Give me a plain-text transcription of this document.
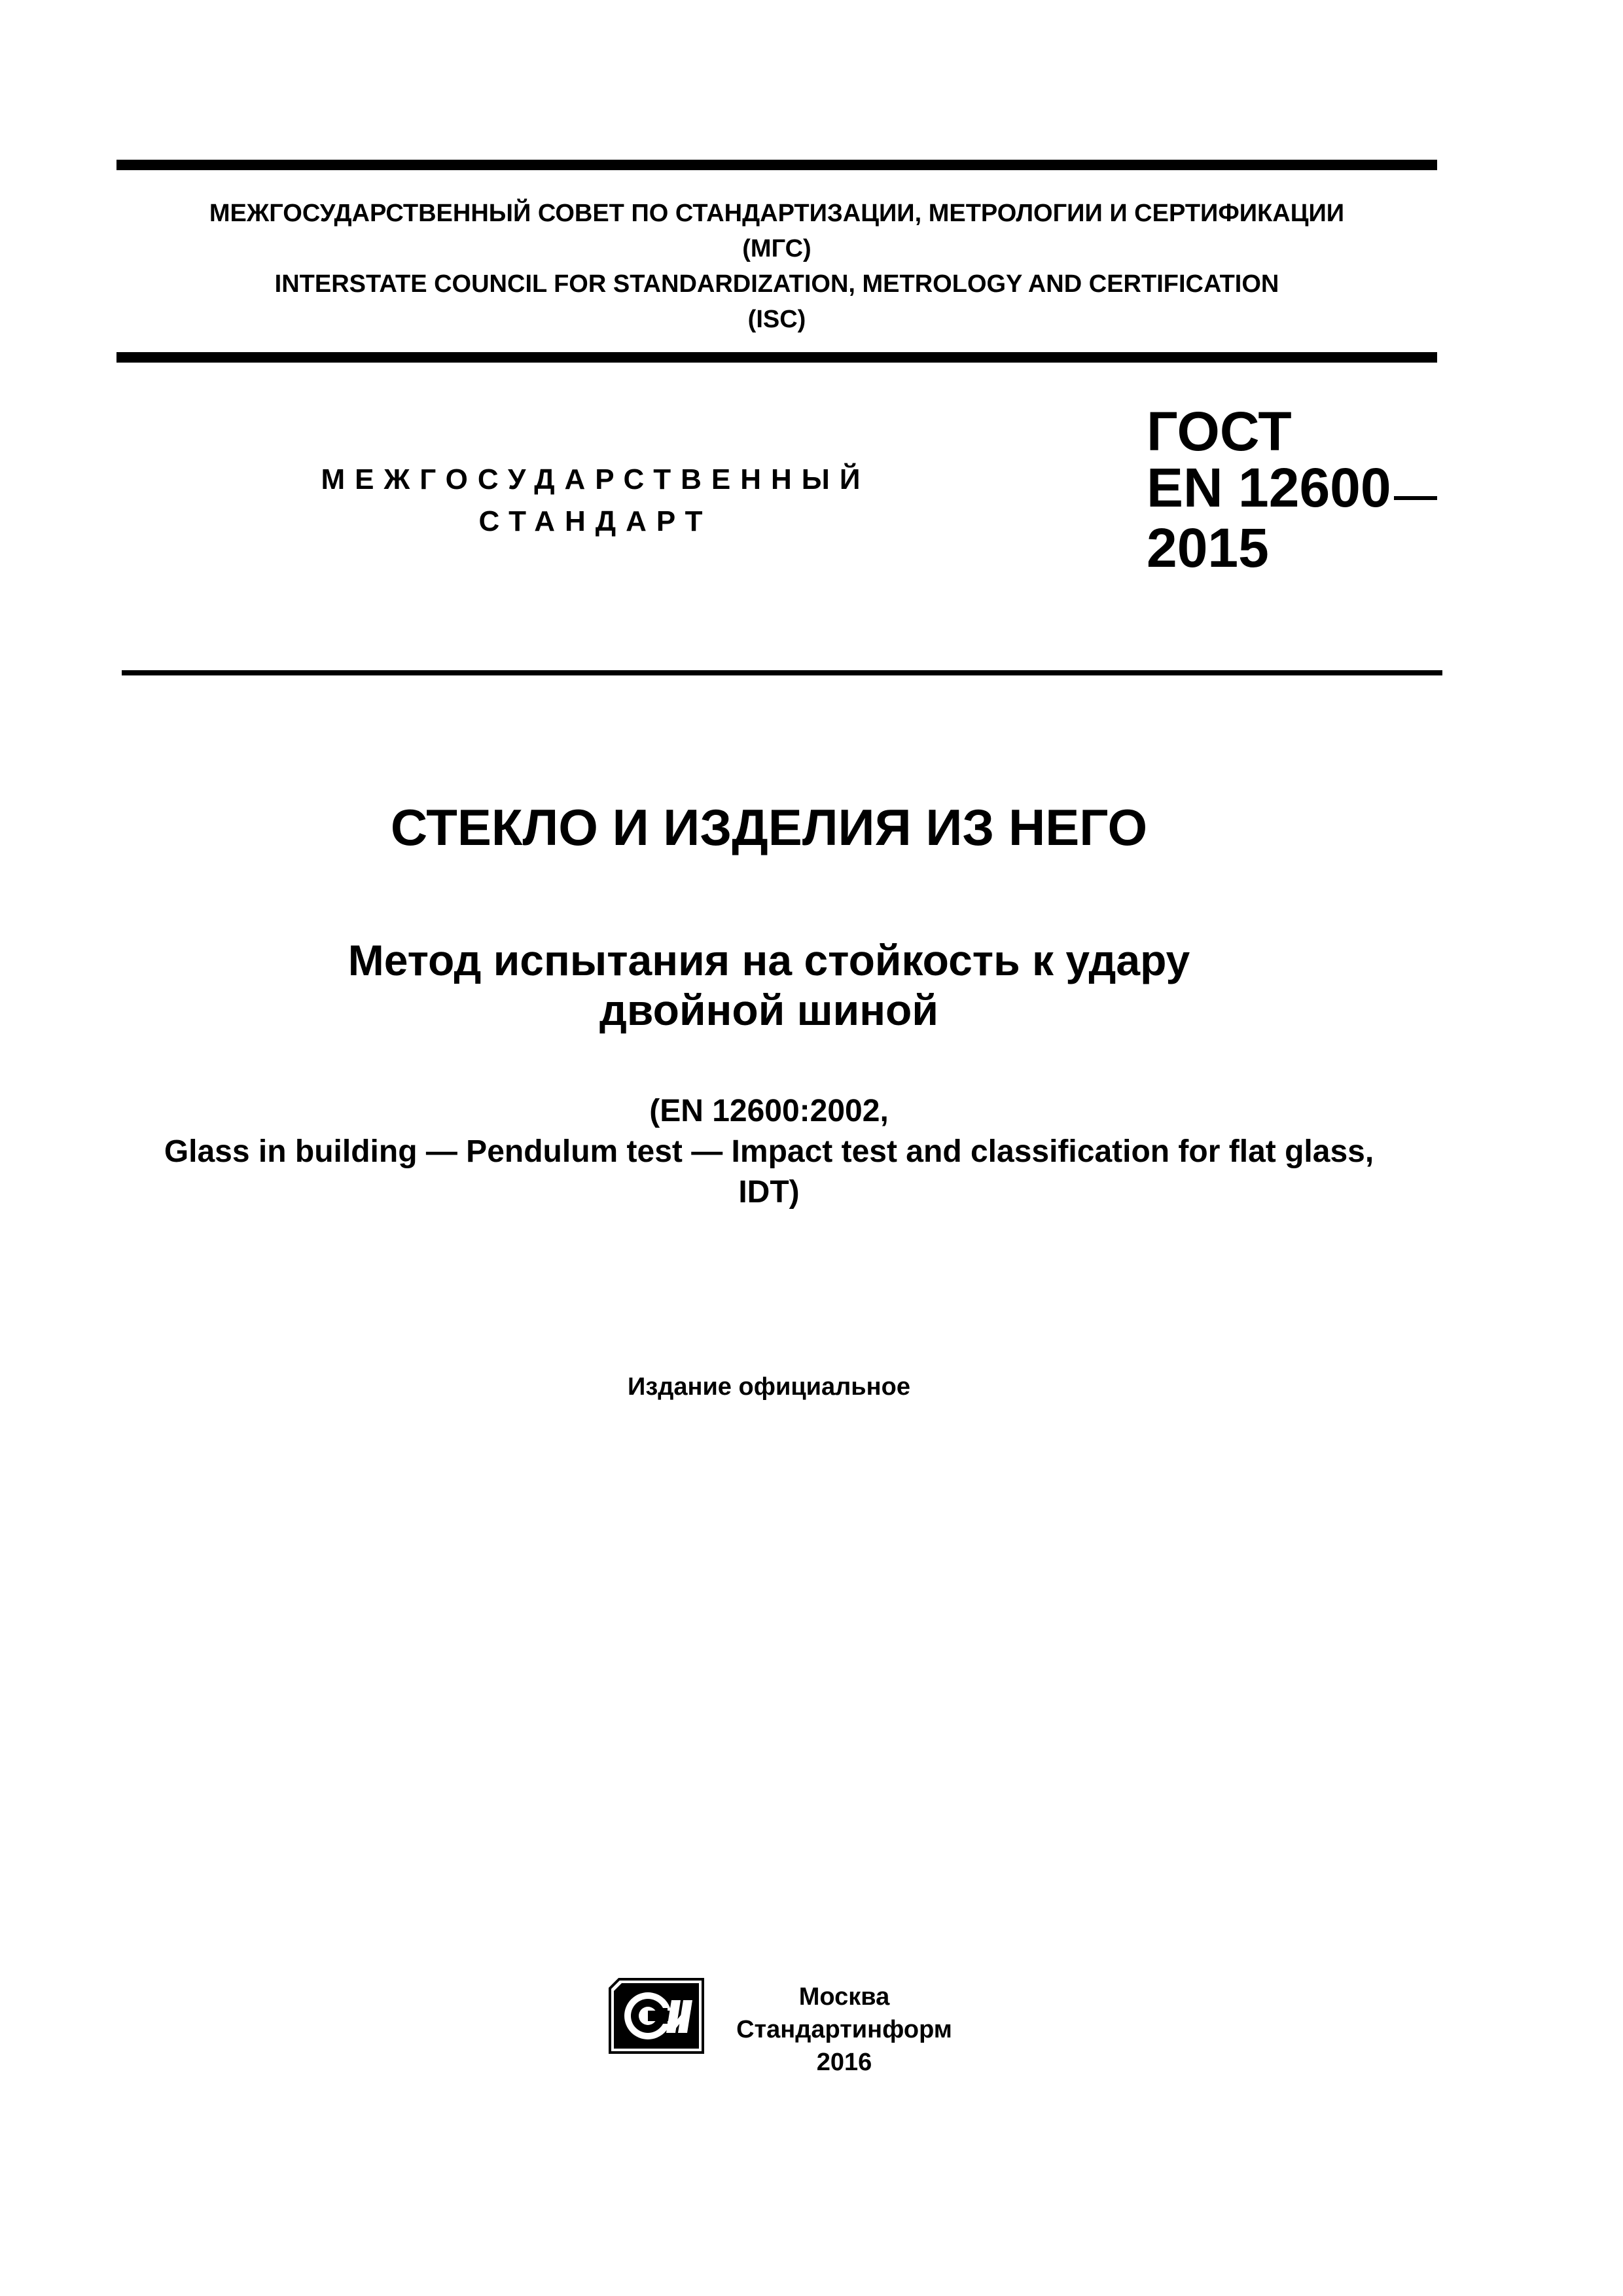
МЕЖГОСУДАРСТВЕННЫЙ СОВЕТ ПО СТАНДАРТИЗАЦИИ, МЕТРОЛОГИИ И СЕРТИФИКАЦИИ
(МГС)
INTERSTATE COUNCIL FOR STANDARDIZATION, METROLOGY AND CERTIFICATION
(ISC)
МЕЖГОСУДАРСТВЕННЫЙ
СТАНДАРТ
ГОСТ
EN 12600
2015
СТЕКЛО И ИЗДЕЛИЯ ИЗ НЕГО
Метод испытания на стойкость к удару
двойной шиной
(EN 12600:2002,
Glass in building — Pendulum test — Impact test and classification for flat glass,
IDT)
Издание официальное
Москва
Стандартинформ
2016
